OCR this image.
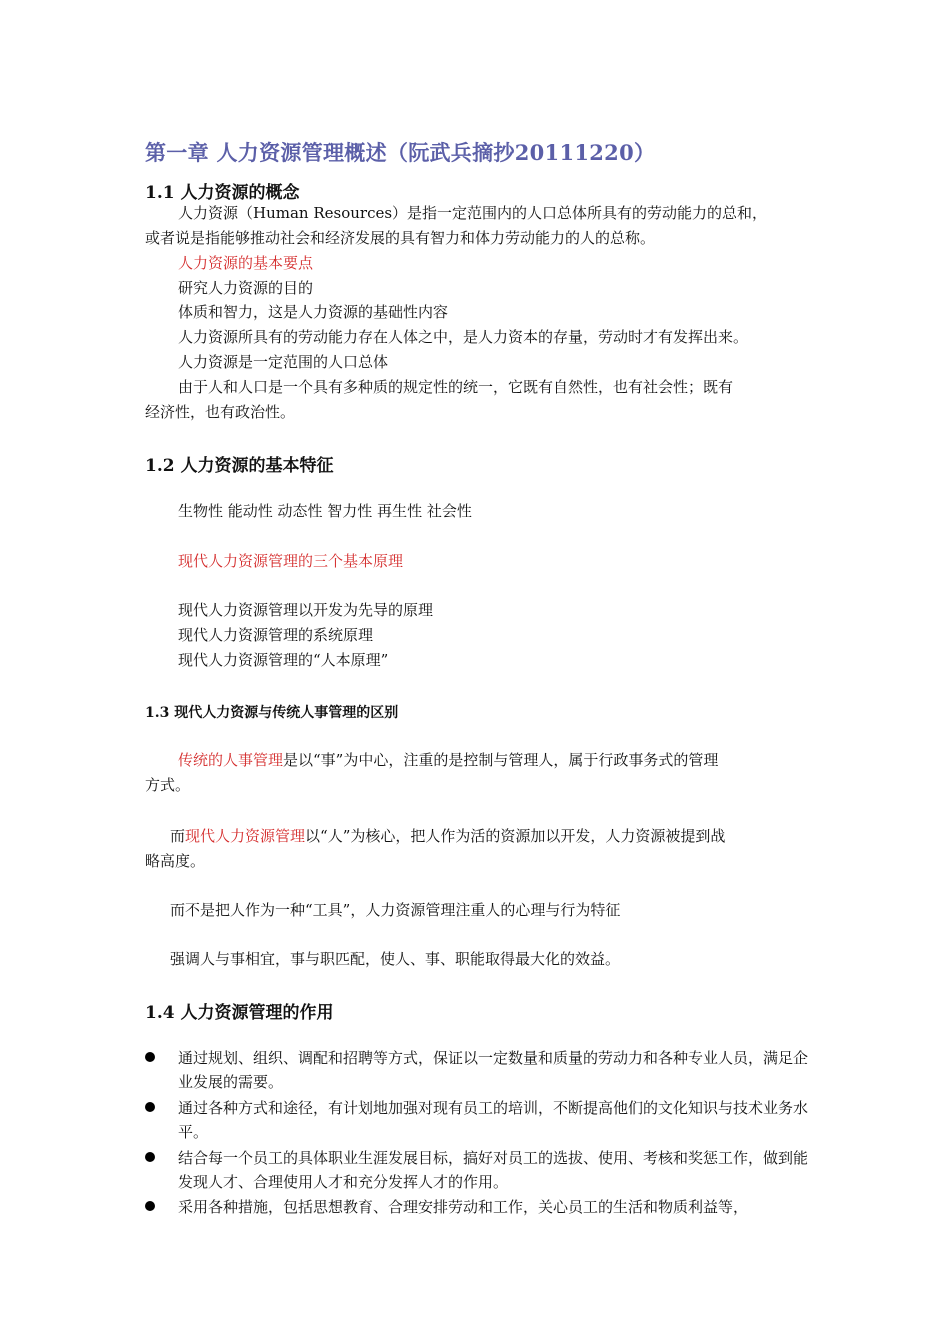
第一章 人力资源管理概述（阮武兵摘抄20111220）
1.1 人力资源的概念
人力资源（Human Resources）是指一定范围内的人口总体所具有的劳动能力的总和，
或者说是指能够推动社会和经济发展的具有智力和体力劳动能力的人的总称。
人力资源的基本要点
研究人力资源的目的
体质和智力，这是人力资源的基础性内容
人力资源所具有的劳动能力存在人体之中，是人力资本的存量，劳动时才有发挥出来。
人力资源是一定范围的人口总体
由于人和人口是一个具有多种质的规定性的统一，它既有自然性，也有社会性；既有
经济性，也有政治性。
1.2 人力资源的基本特征
生物性 能动性 动态性 智力性 再生性 社会性
现代人力资源管理的三个基本原理
现代人力资源管理以开发为先导的原理
现代人力资源管理的系统原理
现代人力资源管理的“人本原理”
1.3 现代人力资源与传统人事管理的区别
传统的人事管理是以“事”为中心，注重的是控制与管理人，属于行政事务式的管理
方式。
而现代人力资源管理以“人”为核心，把人作为活的资源加以开发，人力资源被提到战
略高度。
而不是把人作为一种“工具”，人力资源管理注重人的心理与行为特征
强调人与事相宜，事与职匹配，使人、事、职能取得最大化的效益。
1.4 人力资源管理的作用
通过规划、组织、调配和招聘等方式，保证以一定数量和质量的劳动力和各种专业人员，满足企业发展的需要。
通过各种方式和途径，有计划地加强对现有员工的培训，不断提高他们的文化知识与技术业务水平。
结合每一个员工的具体职业生涯发展目标，搞好对员工的选拔、使用、考核和奖惩工作，做到能发现人才、合理使用人才和充分发挥人才的作用。
采用各种措施，包括思想教育、合理安排劳动和工作，关心员工的生活和物质利益等，
